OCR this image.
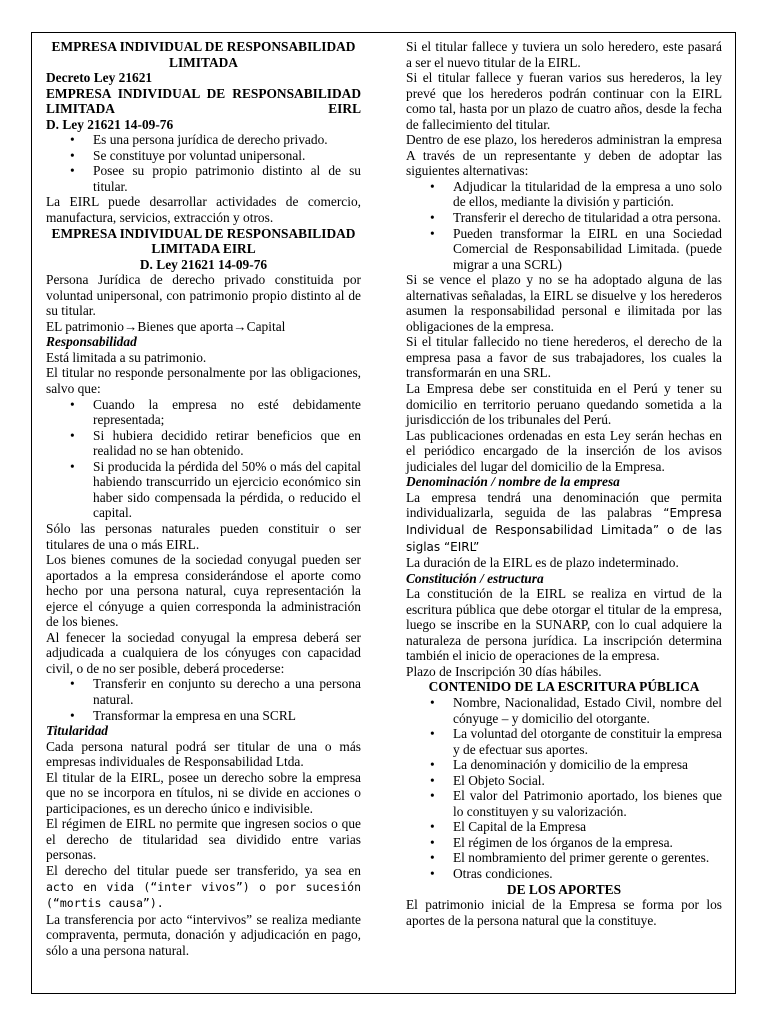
EMPRESA INDIVIDUAL DE RESPONSABILIDAD LIMITADA

Decreto Ley 21621

EMPRESA INDIVIDUAL DE RESPONSABILIDAD LIMITADA EIRL

D. Ley 21621 14-09-76

• Es una persona jurídica de derecho privado.
• Se constituye por voluntad unipersonal.
• Posee su propio patrimonio distinto al de su titular.

La EIRL puede desarrollar actividades de comercio, manufactura, servicios, extracción y otros.

EMPRESA INDIVIDUAL DE RESPONSABILIDAD LIMITADA EIRL

D. Ley 21621 14-09-76

Persona Jurídica de derecho privado constituida por voluntad unipersonal, con patrimonio propio distinto al de su titular.

EL patrimonio→Bienes que aporta→Capital

Responsabilidad

Está limitada a su patrimonio.

El titular no responde personalmente por las obligaciones, salvo que:

• Cuando la empresa no esté debidamente representada;
• Si hubiera decidido retirar beneficios que en realidad no se han obtenido.
• Si producida la pérdida del 50% o más del capital habiendo transcurrido un ejercicio económico sin haber sido compensada la pérdida, o reducido el capital.

Sólo las personas naturales pueden constituir o ser titulares de una o más EIRL.

Los bienes comunes de la sociedad conyugal pueden ser aportados a la empresa considerándose el aporte como hecho por una persona natural, cuya representación la ejerce el cónyuge a quien corresponda la administración de los bienes.

Al fenecer la sociedad conyugal la empresa deberá ser adjudicada a cualquiera de los cónyuges con capacidad civil, o de no ser posible, deberá procederse:

• Transferir en conjunto su derecho a una persona natural.
• Transformar la empresa en una SCRL

Titularidad

Cada persona natural podrá ser titular de una o más empresas individuales de Responsabilidad Ltda.

El titular de la EIRL, posee un derecho sobre la empresa que no se incorpora en títulos, ni se divide en acciones o participaciones, es un derecho único e indivisible.

El régimen de EIRL no permite que ingresen socios o que el derecho de titularidad sea dividido entre varias personas.

El derecho del titular puede ser transferido, ya sea en acto en vida (“inter vivos”) o por sucesión (“mortis causa”).

La transferencia por acto “intervivos” se realiza mediante compraventa, permuta, donación y adjudicación en pago, sólo a una persona natural.

Si el titular fallece y tuviera un solo heredero, este pasará a ser el nuevo titular de la EIRL.

Si el titular fallece y fueran varios sus herederos, la ley prevé que los herederos podrán continuar con la EIRL como tal, hasta por un plazo de cuatro años, desde la fecha de fallecimiento del titular.

Dentro de ese plazo, los herederos administran la empresa A través de un representante y deben de adoptar las siguientes alternativas:

• Adjudicar la titularidad de la empresa a uno solo de ellos, mediante la división y partición.
• Transferir el derecho de titularidad a otra persona.
• Pueden transformar la EIRL en una Sociedad Comercial de Responsabilidad Limitada. (puede migrar a una SCRL)

Si se vence el plazo y no se ha adoptado alguna de las alternativas señaladas, la EIRL se disuelve y los herederos asumen la responsabilidad personal e ilimitada por las obligaciones de la empresa.

Si el titular fallecido no tiene herederos, el derecho de la empresa pasa a favor de sus trabajadores, los cuales la transformarán en una SRL.

La Empresa debe ser constituida en el Perú y tener su domicilio en territorio peruano quedando sometida a la jurisdicción de los tribunales del Perú.

Las publicaciones ordenadas en esta Ley serán hechas en el periódico encargado de la inserción de los avisos judiciales del lugar del domicilio de la Empresa.

Denominación / nombre de la empresa

La empresa tendrá una denominación que permita individualizarla, seguida de las palabras “Empresa Individual de Responsabilidad Limitada” o de las siglas “EIRL”

La duración de la EIRL es de plazo indeterminado.

Constitución / estructura

La constitución de la EIRL se realiza en virtud de la escritura pública que debe otorgar el titular de la empresa, luego se inscribe en la SUNARP, con lo cual adquiere la naturaleza de persona jurídica. La inscripción determina también el inicio de operaciones de la empresa.

Plazo de Inscripción 30 días hábiles.

CONTENIDO DE LA ESCRITURA PÚBLICA

• Nombre, Nacionalidad, Estado Civil, nombre del cónyuge – y domicilio del otorgante.
• La voluntad del otorgante de constituir la empresa y de efectuar sus aportes.
• La denominación y domicilio de la empresa
• El Objeto Social.
• El valor del Patrimonio aportado, los bienes que lo constituyen y su valorización.
• El Capital de la Empresa
• El régimen de los órganos de la empresa.
• El nombramiento del primer gerente o gerentes.
• Otras condiciones.

DE LOS APORTES

El patrimonio inicial de la Empresa se forma por los aportes de la persona natural que la constituye.
